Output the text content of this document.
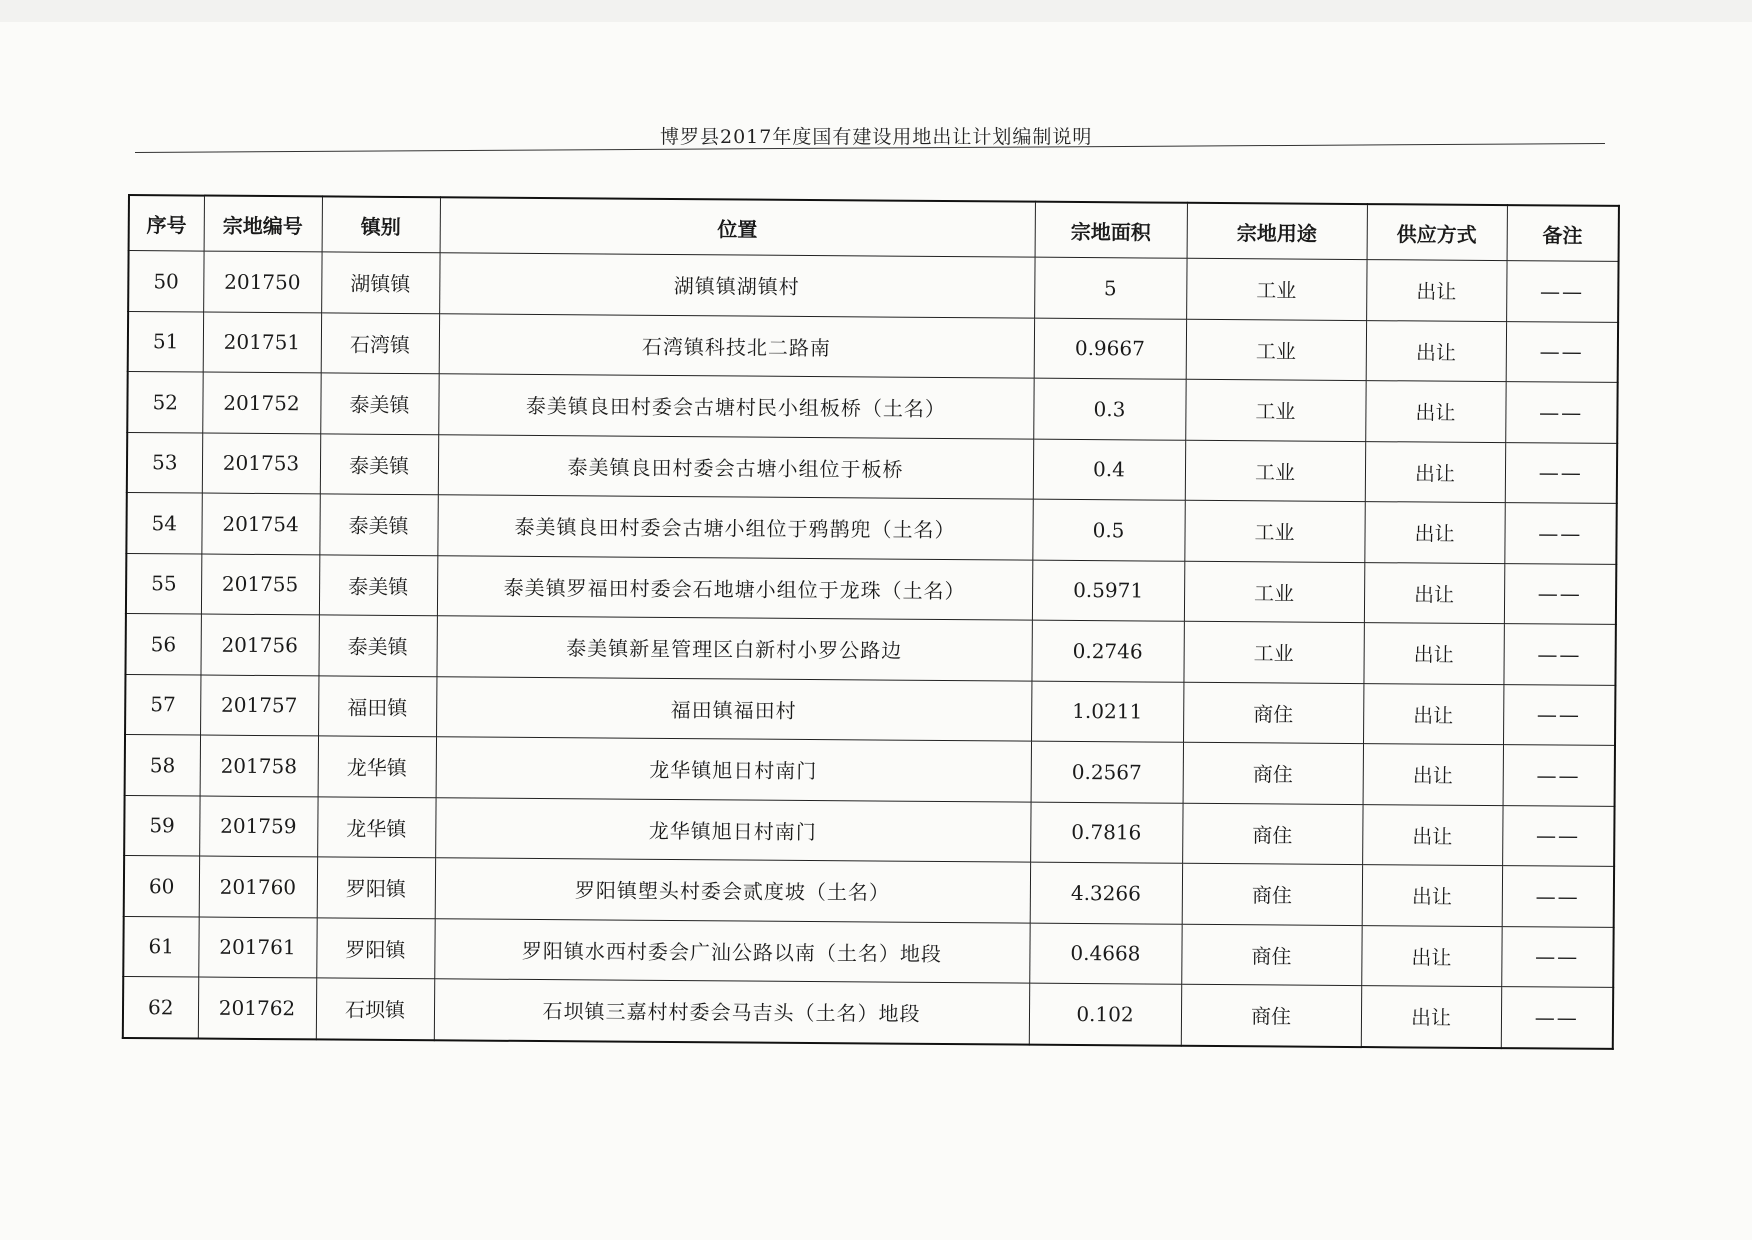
博罗县2017年度国有建设用地出让计划编制说明
序号	宗地编号	镇别	位置	宗地面积	宗地用途	供应方式	备注
50	201750	湖镇镇	湖镇镇湖镇村	5	工业	出让	——
51	201751	石湾镇	石湾镇科技北二路南	0.9667	工业	出让	——
52	201752	泰美镇	泰美镇良田村委会古塘村民小组板桥（土名）	0.3	工业	出让	——
53	201753	泰美镇	泰美镇良田村委会古塘小组位于板桥	0.4	工业	出让	——
54	201754	泰美镇	泰美镇良田村委会古塘小组位于鸦鹊兜（土名）	0.5	工业	出让	——
55	201755	泰美镇	泰美镇罗福田村委会石地塘小组位于龙珠（土名）	0.5971	工业	出让	——
56	201756	泰美镇	泰美镇新星管理区白新村小罗公路边	0.2746	工业	出让	——
57	201757	福田镇	福田镇福田村	1.0211	商住	出让	——
58	201758	龙华镇	龙华镇旭日村南门	0.2567	商住	出让	——
59	201759	龙华镇	龙华镇旭日村南门	0.7816	商住	出让	——
60	201760	罗阳镇	罗阳镇塱头村委会贰度坡（土名）	4.3266	商住	出让	——
61	201761	罗阳镇	罗阳镇水西村委会广汕公路以南（土名）地段	0.4668	商住	出让	——
62	201762	石坝镇	石坝镇三嘉村村委会马吉头（土名）地段	0.102	商住	出让	——
